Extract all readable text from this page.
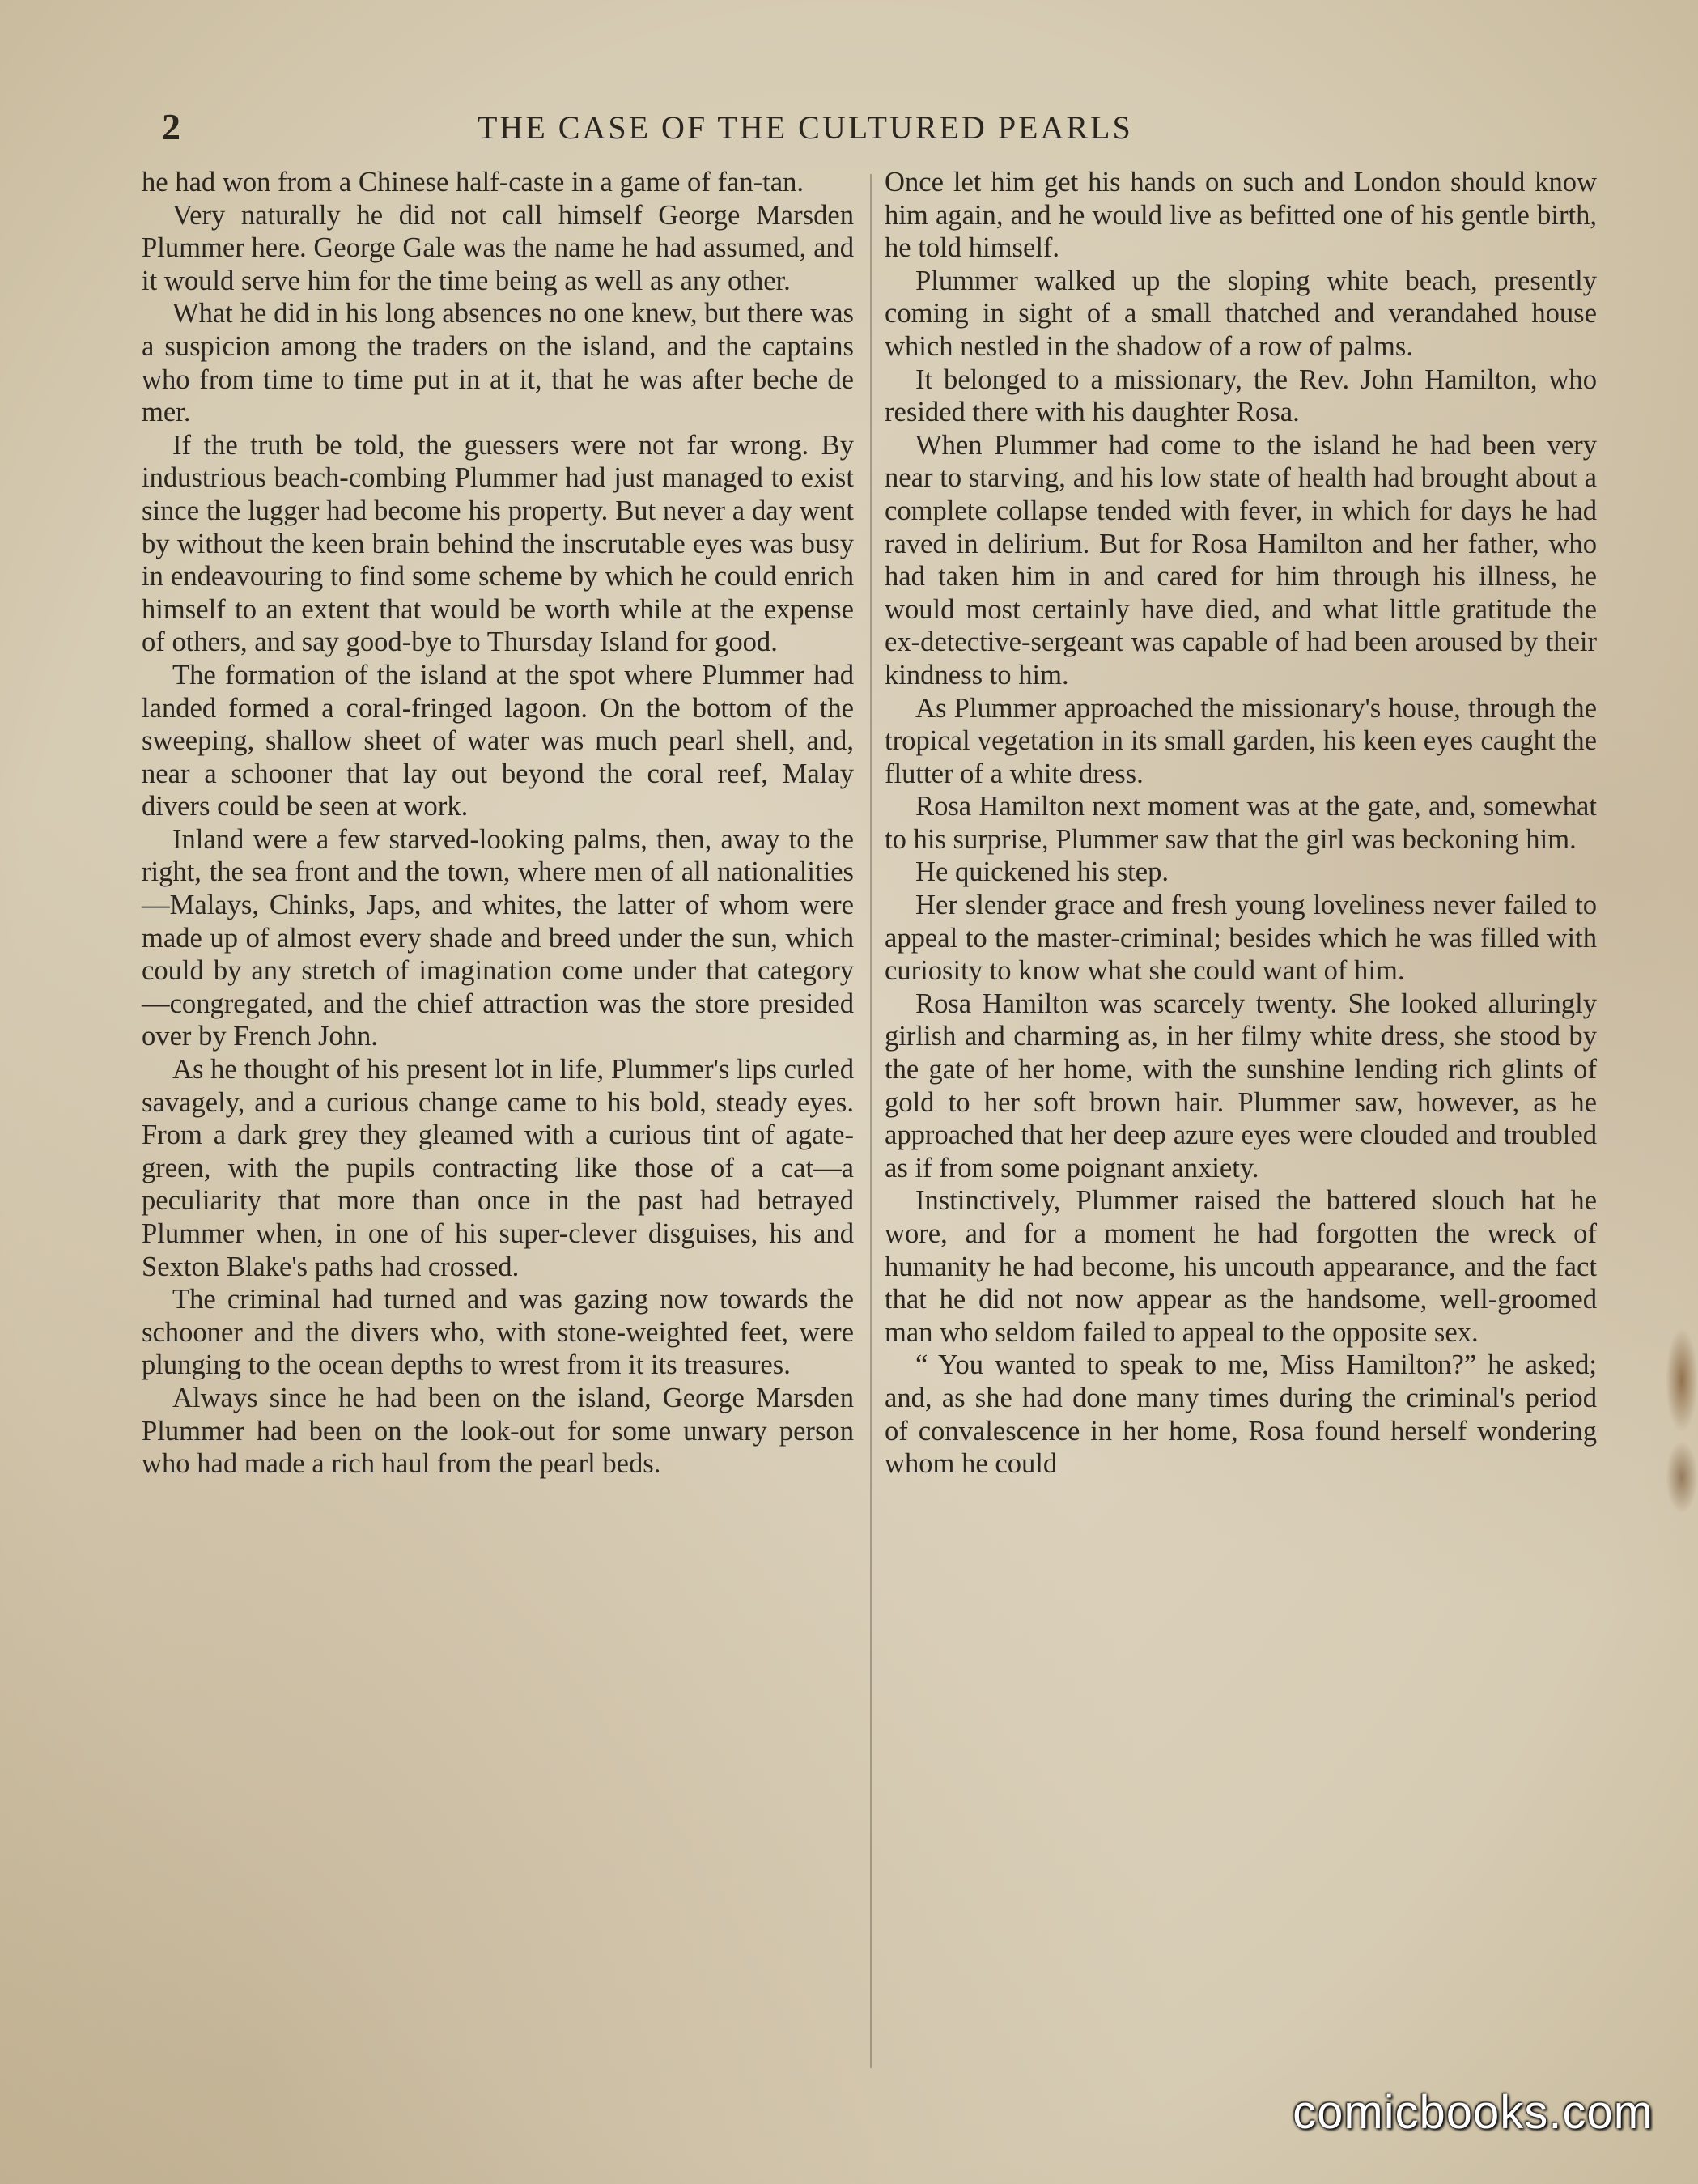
2	THE CASE OF THE CULTURED PEARLS

he had won from a Chinese half-caste in a game of fan-tan.

Very naturally he did not call himself George Marsden Plummer here. George Gale was the name he had assumed, and it would serve him for the time being as well as any other.

What he did in his long absences no one knew, but there was a suspicion among the traders on the island, and the captains who from time to time put in at it, that he was after beche de mer.

If the truth be told, the guessers were not far wrong. By industrious beach-combing Plummer had just managed to exist since the lugger had become his property. But never a day went by without the keen brain behind the inscrutable eyes was busy in endeavouring to find some scheme by which he could enrich himself to an extent that would be worth while at the expense of others, and say good-bye to Thursday Island for good.

The formation of the island at the spot where Plummer had landed formed a coral-fringed lagoon. On the bottom of the sweeping, shallow sheet of water was much pearl shell, and, near a schooner that lay out beyond the coral reef, Malay divers could be seen at work.

Inland were a few starved-looking palms, then, away to the right, the sea front and the town, where men of all nationalities—Malays, Chinks, Japs, and whites, the latter of whom were made up of almost every shade and breed under the sun, which could by any stretch of imagination come under that category—congregated, and the chief attraction was the store presided over by French John.

As he thought of his present lot in life, Plummer's lips curled savagely, and a curious change came to his bold, steady eyes. From a dark grey they gleamed with a curious tint of agate-green, with the pupils contracting like those of a cat—a peculiarity that more than once in the past had betrayed Plummer when, in one of his super-clever disguises, his and Sexton Blake's paths had crossed.

The criminal had turned and was gazing now towards the schooner and the divers who, with stone-weighted feet, were plunging to the ocean depths to wrest from it its treasures.

Always since he had been on the island, George Marsden Plummer had been on the look-out for some unwary person who had made a rich haul from the pearl beds.

Once let him get his hands on such and London should know him again, and he would live as befitted one of his gentle birth, he told himself.

Plummer walked up the sloping white beach, presently coming in sight of a small thatched and verandahed house which nestled in the shadow of a row of palms.

It belonged to a missionary, the Rev. John Hamilton, who resided there with his daughter Rosa.

When Plummer had come to the island he had been very near to starving, and his low state of health had brought about a complete collapse tended with fever, in which for days he had raved in delirium. But for Rosa Hamilton and her father, who had taken him in and cared for him through his illness, he would most certainly have died, and what little gratitude the ex-detective-sergeant was capable of had been aroused by their kindness to him.

As Plummer approached the missionary's house, through the tropical vegetation in its small garden, his keen eyes caught the flutter of a white dress.

Rosa Hamilton next moment was at the gate, and, somewhat to his surprise, Plummer saw that the girl was beckoning him.

He quickened his step.

Her slender grace and fresh young loveliness never failed to appeal to the master-criminal; besides which he was filled with curiosity to know what she could want of him.

Rosa Hamilton was scarcely twenty. She looked alluringly girlish and charming as, in her filmy white dress, she stood by the gate of her home, with the sunshine lending rich glints of gold to her soft brown hair. Plummer saw, however, as he approached that her deep azure eyes were clouded and troubled as if from some poignant anxiety.

Instinctively, Plummer raised the battered slouch hat he wore, and for a moment he had forgotten the wreck of humanity he had become, his uncouth appearance, and the fact that he did not now appear as the handsome, well-groomed man who seldom failed to appeal to the opposite sex.

“ You wanted to speak to me, Miss Hamilton?” he asked; and, as she had done many times during the criminal's period of convalescence in her home, Rosa found herself wondering whom he could

comicbooks.com
